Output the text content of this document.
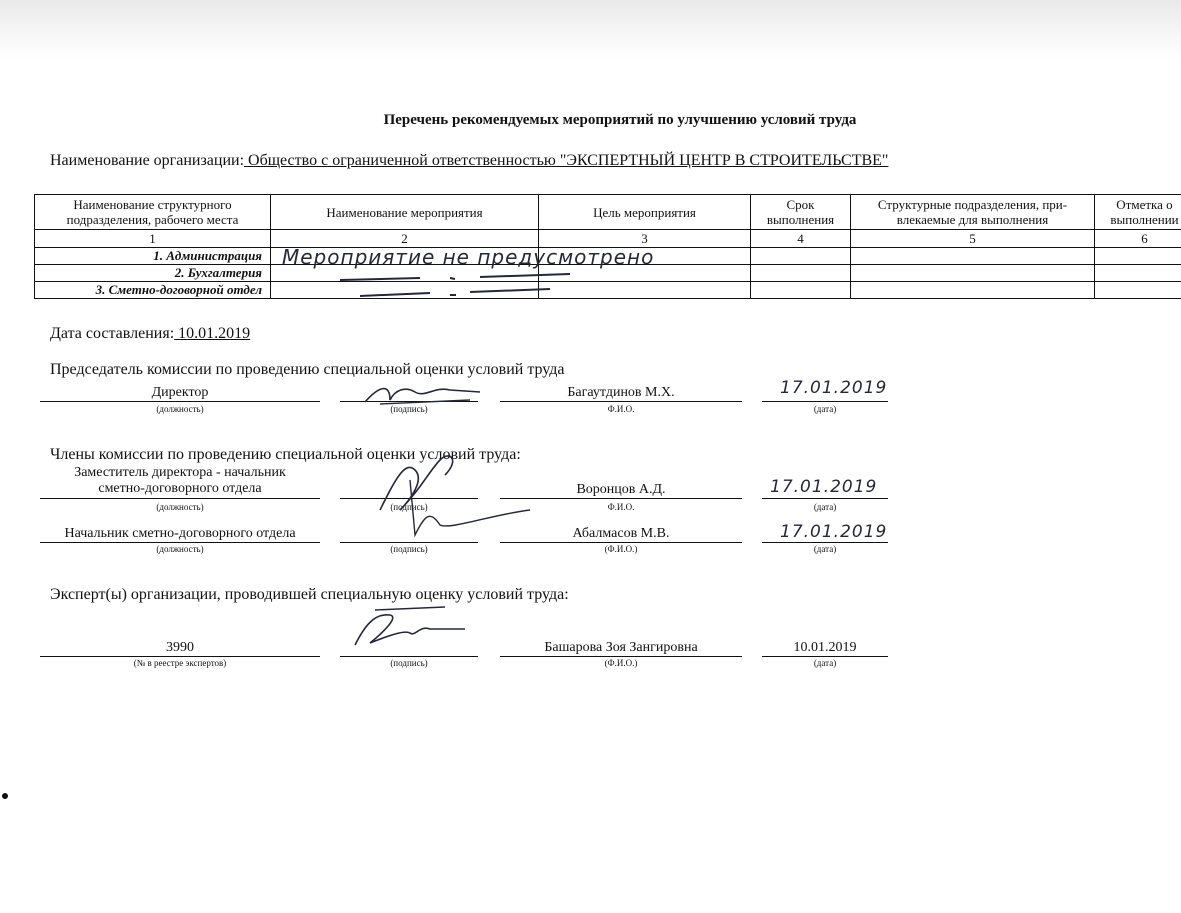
Перечень рекомендуемых мероприятий по улучшению условий труда
Наименование организации: Общество с ограниченной ответственностью "ЭКСПЕРТНЫЙ ЦЕНТР В СТРОИТЕЛЬСТВЕ"
Наименование структурного подразделения, рабочего места	Наименование мероприятия	Цель мероприятия	Срок выполнения	Структурные подразделения, при-влекаемые для выполнения	Отметка о выполнении
1	2	3	4	5	6
1. Администрация					
2. Бухгалтерия					
3. Сметно-договорной отдел					
Мероприятие не предусмотрено
Дата составления: 10.01.2019
Председатель комиссии по проведению специальной оценки условий труда
Директор
(должность)	(подпись)
Багаутдинов М.Х.
Ф.И.О.
17.01.2019
(дата)
Члены комиссии по проведению специальной оценки условий труда:
Заместитель директора - начальник
сметно-договорного отдела
(должность)	(подпись)
Воронцов А.Д.
Ф.И.О.
17.01.2019
(дата)
Начальник сметно-договорного отдела
(должность)	(подпись)
Абалмасов М.В.
(Ф.И.О.)
17.01.2019
(дата)
Эксперт(ы) организации, проводившей специальную оценку условий труда:
3990
(№ в реестре экспертов)	(подпись)
Башарова Зоя Зангировна
(Ф.И.О.)
10.01.2019
(дата)
